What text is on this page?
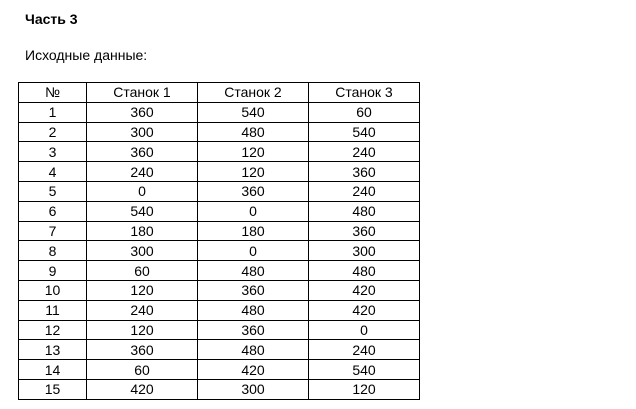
Часть 3
Исходные данные:
№	Станок 1	Станок 2	Станок 3
1	360	540	60
2	300	480	540
3	360	120	240
4	240	120	360
5	0	360	240
6	540	0	480
7	180	180	360
8	300	0	300
9	60	480	480
10	120	360	420
11	240	480	420
12	120	360	0
13	360	480	240
14	60	420	540
15	420	300	120
